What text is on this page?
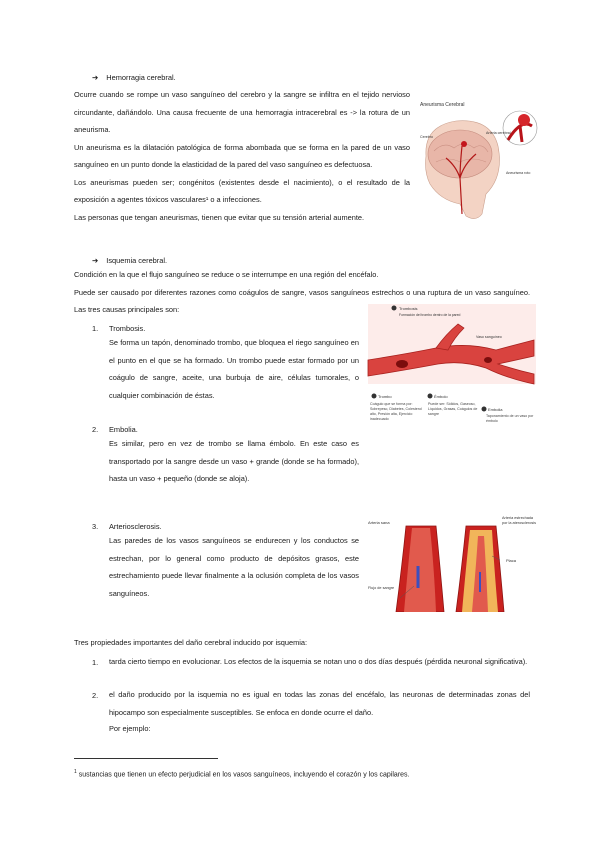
➔ Hemorragia cerebral.

Ocurre cuando se rompe un vaso sanguíneo del cerebro y la sangre se infiltra en el tejido nervioso circundante, dañándolo. Una causa frecuente de una hemorragia intracerebral es -> la rotura de un aneurisma.

Un aneurisma es la dilatación patológica de forma abombada que se forma en la pared de un vaso sanguíneo en un punto donde la elasticidad de la pared del vaso sanguíneo es defectuosa.

Los aneurismas pueden ser; congénitos (existentes desde el nacimiento), o el resultado de la exposición a agentes tóxicos vasculares¹ o a infecciones.

Las personas que tengan aneurismas, tienen que evitar que su tensión arterial aumente.

Aneurisma Cerebral
Arteria cerebral
Cerebro
Aneurisma roto
➔ Isquemia cerebral.

Condición en la que el flujo sanguíneo se reduce o se interrumpe en una región del encéfalo.

Puede ser causado por diferentes razones como coágulos de sangre, vasos sanguíneos estrechos o una ruptura de un vaso sanguíneo. Las tres causas principales son:

1. Trombosis.
Se forma un tapón, denominado trombo, que bloquea el riego sanguíneo en el punto en el que se ha formado. Un trombo puede estar formado por un coágulo de sangre, aceite, una burbuja de aire, células tumorales, o cualquier combinación de éstas.
2. Embolia.
Es similar, pero en vez de trombo se llama émbolo. En este caso es transportado por la sangre desde un vaso + grande (donde se ha formado), hasta un vaso + pequeño (donde se aloja).
3. Arteriosclerosis.
Las paredes de los vasos sanguíneos se endurecen y los conductos se estrechan, por lo general como producto de depósitos grasos, este estrechamiento puede llevar finalmente a la oclusión completa de los vasos sanguíneos.
Trombosis
Formación del trombo dentro de la pared
Vaso sanguíneo
Trombo
Coágulo que se forma por: Sobrepeso, Diabetes, Colesterol alto, Presión alta, Ejercicio inadecuado
Émbolo
Puede ser: Sólidos, Gaseoso, Líquidos, Grasas, Coágulos de sangre
Embolia
Taponamiento de un vaso por émbolo
Arteria sana
Arteria estrechada por la aterosclerosis
Placa
Flujo de sangre
Tres propiedades importantes del daño cerebral inducido por isquemia:
1. tarda cierto tiempo en evolucionar. Los efectos de la isquemia se notan uno o dos días después (pérdida neuronal significativa).
2. el daño producido por la isquemia no es igual en todas las zonas del encéfalo, las neuronas de determinadas zonas del hipocampo son especialmente susceptibles. Se enfoca en donde ocurre el daño.
Por ejemplo:
$^1$ sustancias que tienen un efecto perjudicial en los vasos sanguíneos, incluyendo el corazón y los capilares.
